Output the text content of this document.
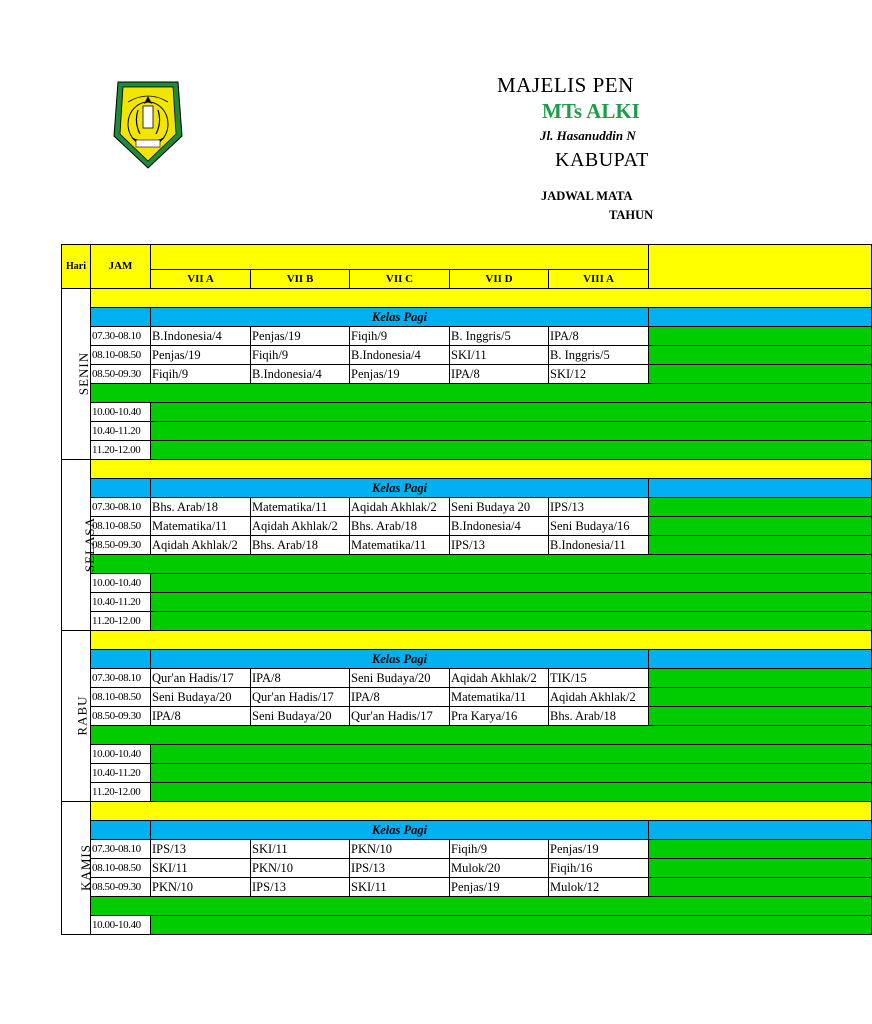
MAJELIS PEN
MTs ALKI
Jl. Hasanuddin N
KABUPAT
JADWAL MATA
TAHUN
Hari	JAM						
		VII A	VII B	VII C	VII D	VIII A	
SENIN							
		Kelas Pagi					
	07.30-08.10	B.Indonesia/4	Penjas/19	Fiqih/9	B. Inggris/5	IPA/8	
	08.10-08.50	Penjas/19	Fiqih/9	B.Indonesia/4	SKI/11	B. Inggris/5	
	08.50-09.30	Fiqih/9	B.Indonesia/4	Penjas/19	IPA/8	SKI/12	

	10.00-10.40						
	10.40-11.20						
	11.20-12.00						
SELASA							
		Kelas Pagi					
	07.30-08.10	Bhs. Arab/18	Matematika/11	Aqidah Akhlak/2	Seni Budaya 20	IPS/13	
	08.10-08.50	Matematika/11	Aqidah Akhlak/2	Bhs. Arab/18	B.Indonesia/4	Seni Budaya/16	
	08.50-09.30	Aqidah Akhlak/2	Bhs. Arab/18	Matematika/11	IPS/13	B.Indonesia/11	

	10.00-10.40						
	10.40-11.20						
	11.20-12.00						
RABU							
		Kelas Pagi					
	07.30-08.10	Qur'an Hadis/17	IPA/8	Seni Budaya/20	Aqidah Akhlak/2	TIK/15	
	08.10-08.50	Seni Budaya/20	Qur'an Hadis/17	IPA/8	Matematika/11	Aqidah Akhlak/2	
	08.50-09.30	IPA/8	Seni Budaya/20	Qur'an Hadis/17	Pra Karya/16	Bhs. Arab/18	

	10.00-10.40						
	10.40-11.20						
	11.20-12.00						
KAMIS							
		Kelas Pagi					
	07.30-08.10	IPS/13	SKI/11	PKN/10	Fiqih/9	Penjas/19	
	08.10-08.50	SKI/11	PKN/10	IPS/13	Mulok/20	Fiqih/16	
	08.50-09.30	PKN/10	IPS/13	SKI/11	Penjas/19	Mulok/12	

	10.00-10.40						
